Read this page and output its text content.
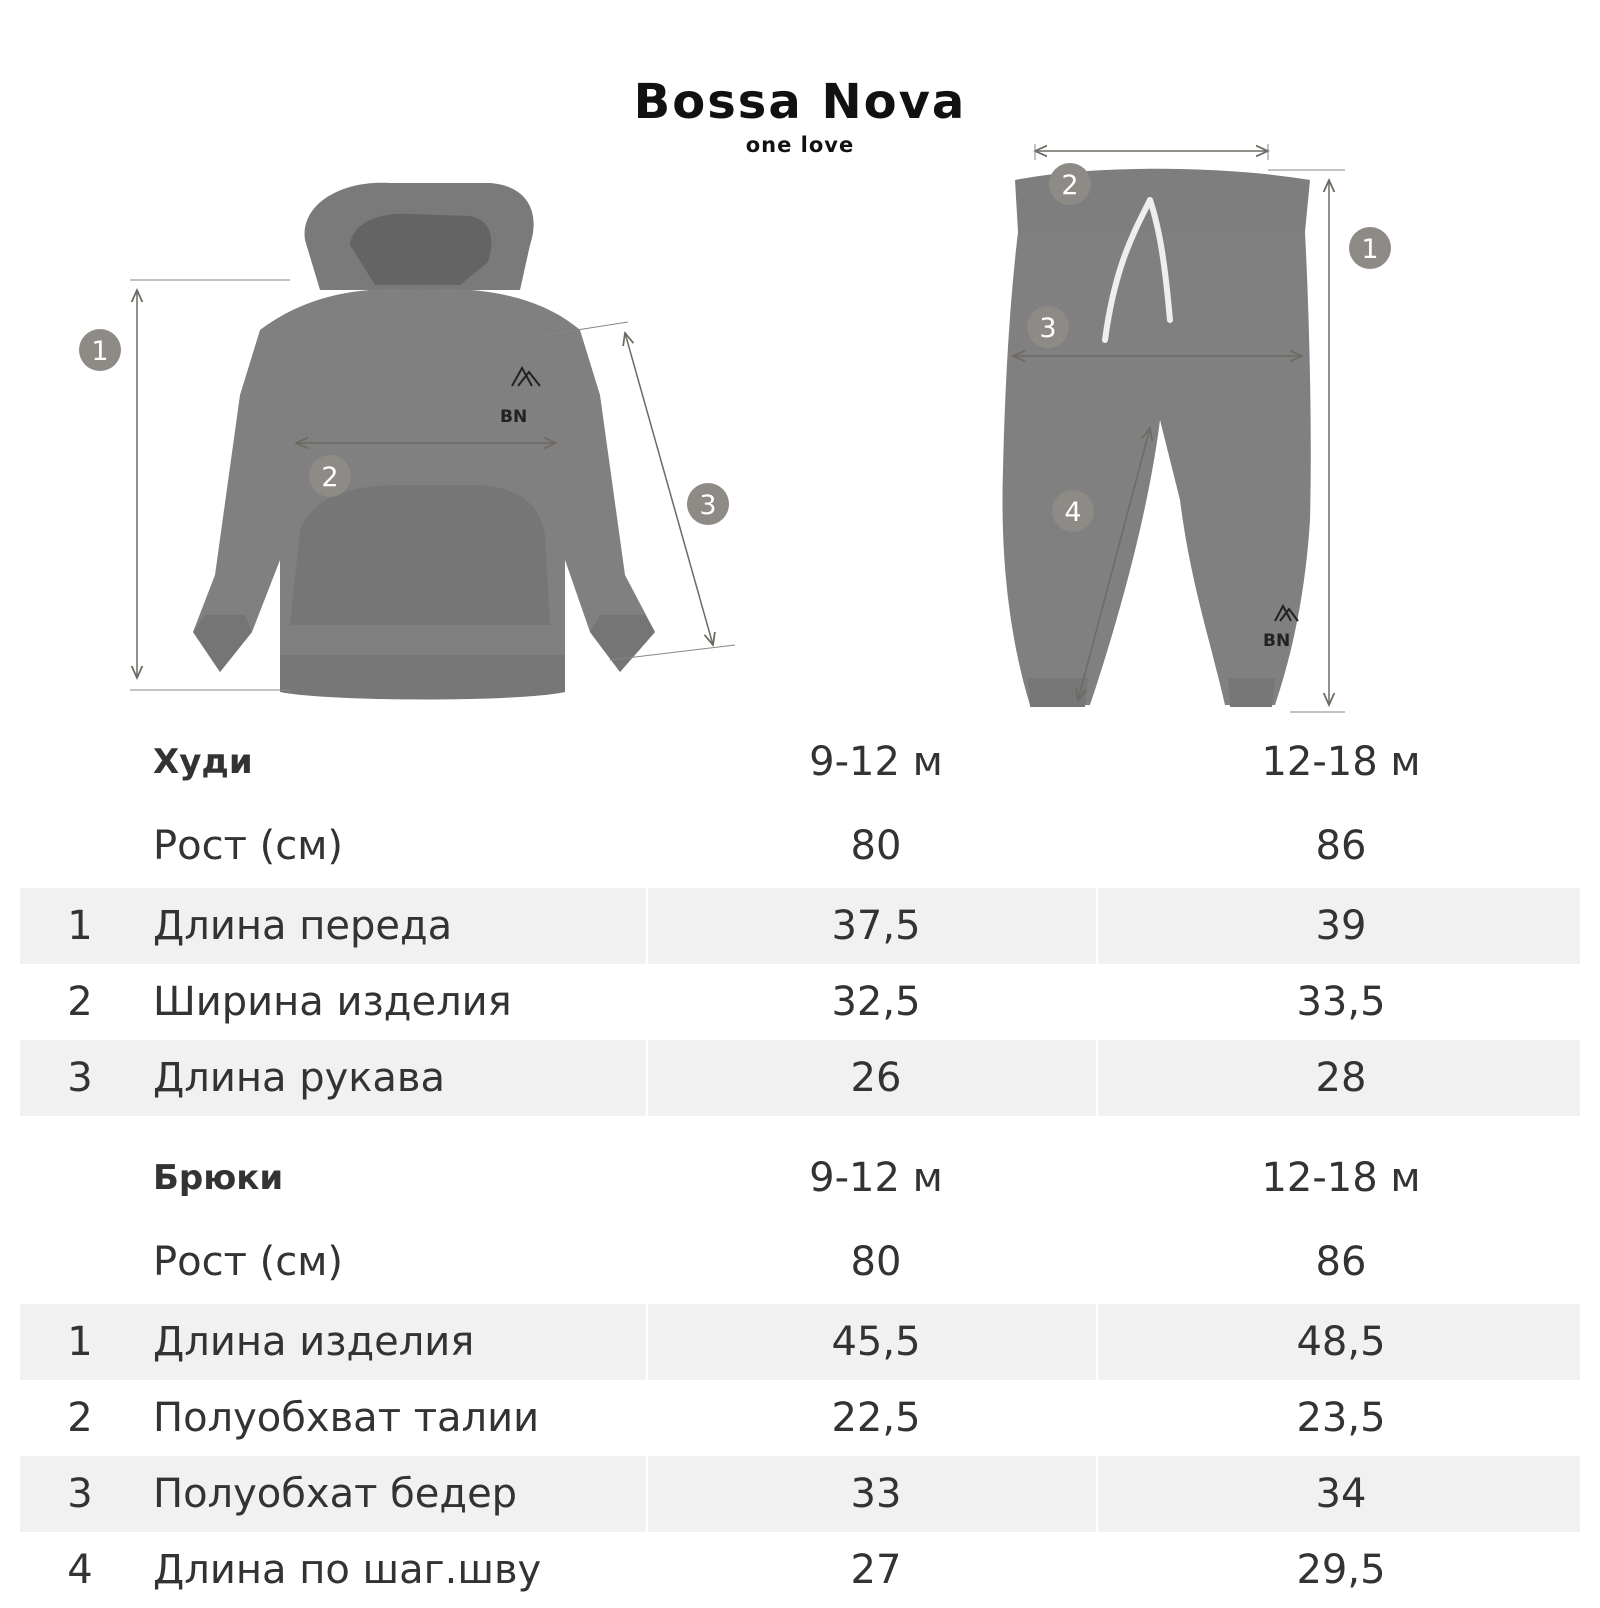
Bossa Nova
one love
BN
1
2
3
BN
1
2
3
4
Худи	9-12 м	12-18 м
Рост (см)	80	86
1	Длина переда	37,5	39
2	Ширина изделия	32,5	33,5
3	Длина рукава	26	28
Брюки	9-12 м	12-18 м
Рост (см)	80	86
1	Длина изделия	45,5	48,5
2	Полуобхват талии	22,5	23,5
3	Полуобхат бедер	33	34
4	Длина по шаг.шву	27	29,5
